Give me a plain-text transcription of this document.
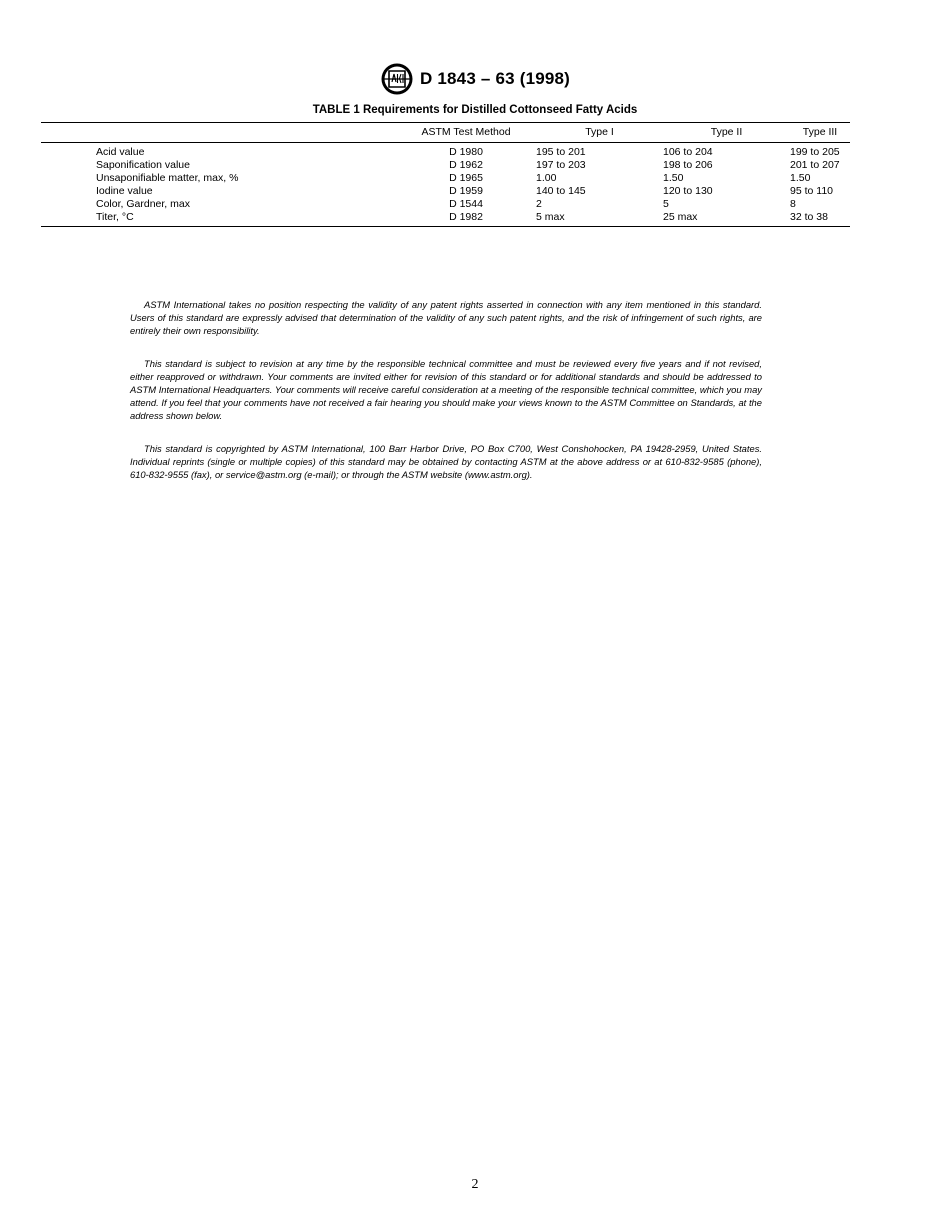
D 1843 – 63 (1998)
TABLE 1 Requirements for Distilled Cottonseed Fatty Acids
	ASTM Test Method	Type I	Type II	Type III
Acid value	D 1980	195 to 201	106 to 204	199 to 205
Saponification value	D 1962	197 to 203	198 to 206	201 to 207
Unsaponifiable matter, max, %	D 1965	1.00	1.50	1.50
Iodine value	D 1959	140 to 145	120 to 130	95 to 110
Color, Gardner, max	D 1544	2	5	8
Titer, °C	D 1982	5 max	25 max	32 to 38

ASTM International takes no position respecting the validity of any patent rights asserted in connection with any item mentioned in this standard. Users of this standard are expressly advised that determination of the validity of any such patent rights, and the risk of infringement of such rights, are entirely their own responsibility.

This standard is subject to revision at any time by the responsible technical committee and must be reviewed every five years and if not revised, either reapproved or withdrawn. Your comments are invited either for revision of this standard or for additional standards and should be addressed to ASTM International Headquarters. Your comments will receive careful consideration at a meeting of the responsible technical committee, which you may attend. If you feel that your comments have not received a fair hearing you should make your views known to the ASTM Committee on Standards, at the address shown below.

This standard is copyrighted by ASTM International, 100 Barr Harbor Drive, PO Box C700, West Conshohocken, PA 19428-2959, United States. Individual reprints (single or multiple copies) of this standard may be obtained by contacting ASTM at the above address or at 610-832-9585 (phone), 610-832-9555 (fax), or service@astm.org (e-mail); or through the ASTM website (www.astm.org).

2
